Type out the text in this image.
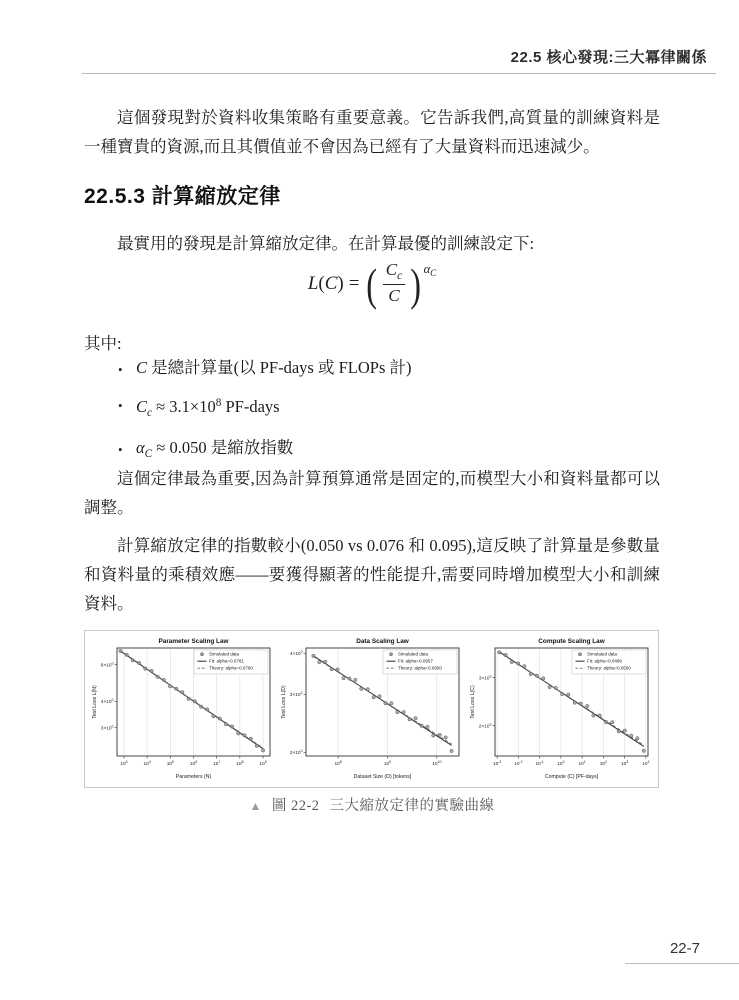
22.5 核心發現:三大冪律關係

這個發現對於資料收集策略有重要意義。它告訴我們,高質量的訓練資料是一種寶貴的資源,而且其價值並不會因為已經有了大量資料而迅速減少。

22.5.3 計算縮放定律

最實用的發現是計算縮放定律。在計算最優的訓練設定下:

L(C) = ( $\frac{C_c}{C}$ ) $\alpha_C$
其中:
• C 是總計算量(以 PF-days 或 FLOPs 計)
• $C_c \approx 3.1\times 10^8$ PF-days
• $\alpha_C \approx 0.050$ 是縮放指數

這個定律最為重要,因為計算預算通常是固定的,而模型大小和資料量都可以調整。

計算縮放定律的指數較小(0.050 vs 0.076 和 0.095),這反映了計算量是參數量和資料量的乘積效應——要獲得顯著的性能提升,需要同時增加模型大小和訓練資料。

$10^3$	$10^4$	$10^5$	$10^6$	$10^7$	$10^8$	$10^9$
Parameters (N)
$3\times 10^0$
$4\times 10^0$
$6\times 10^0$
Test Loss L(N)
Parameter Scaling Law
Simulated data
Fit: alpha=0.0781
Theory: alpha=0.0760
$10^8$	$10^9$	$10^{10}$
Dataset Size (D) [tokens]
$2\times 10^0$
$3\times 10^0$
$4\times 10^0$
Test Loss L(D)
Data Scaling Law
Simulated data
Fit: alpha=0.0957
Theory: alpha=0.0950
$10^{-3}$	$10^{-2}$	$10^{-1}$	$10^0$	$10^1$	$10^2$	$10^3$	$10^4$
Compute (C) [PF-days]
$2\times 10^0$
$3\times 10^0$
Test Loss L(C)
Compute Scaling Law
Simulated data
Fit: alpha=0.0499
Theory: alpha=0.0500
▲ 圖 22-2 三大縮放定律的實驗曲線
22-7
